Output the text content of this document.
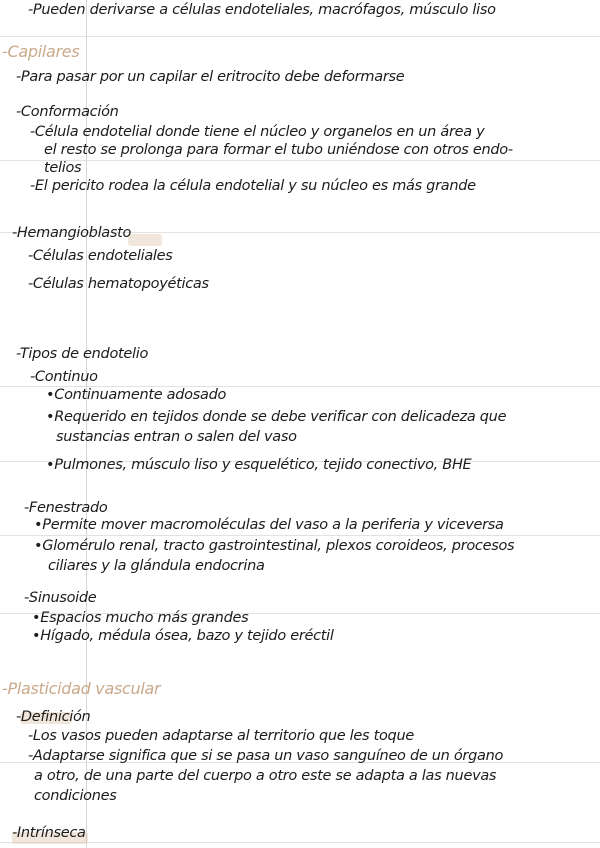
-Pueden derivarse a células endoteliales, macrófagos, músculo liso
-Capilares
-Para pasar por un capilar el eritrocito debe deformarse
-Conformación
-Célula endotelial donde tiene el núcleo y organelos en un área y
el resto se prolonga para formar el tubo uniéndose con otros endo-
telios
-El pericito rodea la célula endotelial y su núcleo es más grande
-Hemangioblasto
-Células endoteliales
-Células hematopoyéticas
-Tipos de endotelio
-Continuo
•Continuamente adosado
•Requerido en tejidos donde se debe verificar con delicadeza que
sustancias entran o salen del vaso
•Pulmones, músculo liso y esquelético, tejido conectivo, BHE
-Fenestrado
•Permite mover macromoléculas del vaso a la periferia y viceversa
•Glomérulo renal, tracto gastrointestinal, plexos coroideos, procesos
ciliares y la glándula endocrina
-Sinusoide
•Espacios mucho más grandes
•Hígado, médula ósea, bazo y tejido eréctil
-Plasticidad vascular
-Definición
-Los vasos pueden adaptarse al territorio que les toque
-Adaptarse significa que si se pasa un vaso sanguíneo de un órgano
a otro, de una parte del cuerpo a otro este se adapta a las nuevas
condiciones
-Intrínseca
